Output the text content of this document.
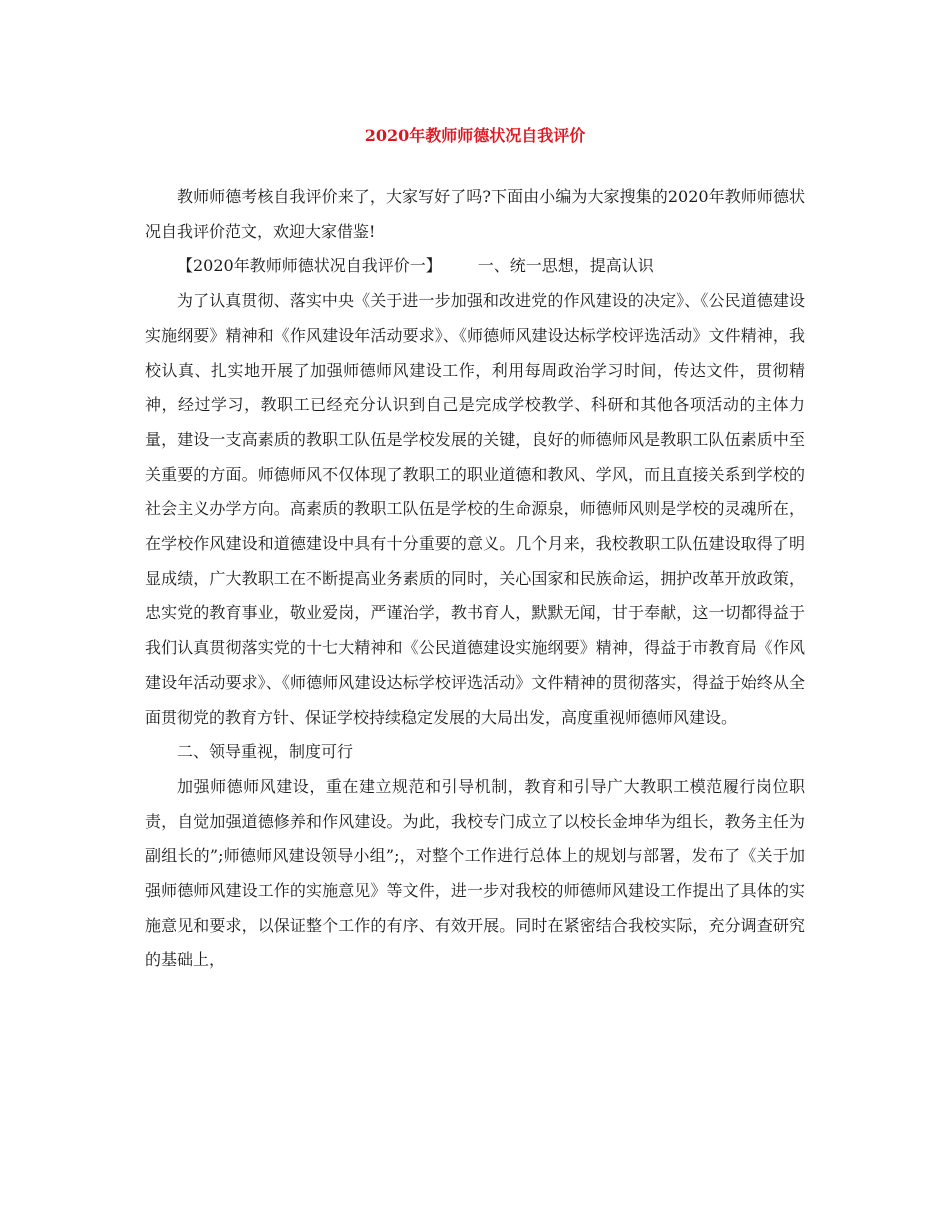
2020年教师师德状况自我评价

教师师德考核自我评价来了，大家写好了吗?下面由小编为大家搜集的2020年教师师德状况自我评价范文，欢迎大家借鉴!

【2020年教师师德状况自我评价一】 一、统一思想，提高认识

为了认真贯彻、落实中央《关于进一步加强和改进党的作风建设的决定》、《公民道德建设实施纲要》精神和《作风建设年活动要求》、《师德师风建设达标学校评选活动》文件精神，我校认真、扎实地开展了加强师德师风建设工作，利用每周政治学习时间，传达文件，贯彻精神，经过学习，教职工已经充分认识到自己是完成学校教学、科研和其他各项活动的主体力量，建设一支高素质的教职工队伍是学校发展的关键，良好的师德师风是教职工队伍素质中至关重要的方面。师德师风不仅体现了教职工的职业道德和教风、学风，而且直接关系到学校的社会主义办学方向。高素质的教职工队伍是学校的生命源泉，师德师风则是学校的灵魂所在，在学校作风建设和道德建设中具有十分重要的意义。几个月来，我校教职工队伍建设取得了明显成绩，广大教职工在不断提高业务素质的同时，关心国家和民族命运，拥护改革开放政策，忠实党的教育事业，敬业爱岗，严谨治学，教书育人，默默无闻，甘于奉献，这一切都得益于我们认真贯彻落实党的十七大精神和《公民道德建设实施纲要》精神，得益于市教育局《作风建设年活动要求》、《师德师风建设达标学校评选活动》文件精神的贯彻落实，得益于始终从全面贯彻党的教育方针、保证学校持续稳定发展的大局出发，高度重视师德师风建设。

二、领导重视，制度可行

加强师德师风建设，重在建立规范和引导机制，教育和引导广大教职工模范履行岗位职责，自觉加强道德修养和作风建设。为此，我校专门成立了以校长金坤华为组长，教务主任为副组长的”;师德师风建设领导小组”;，对整个工作进行总体上的规划与部署，发布了《关于加强师德师风建设工作的实施意见》等文件，进一步对我校的师德师风建设工作提出了具体的实施意见和要求，以保证整个工作的有序、有效开展。同时在紧密结合我校实际，充分调查研究的基础上，
